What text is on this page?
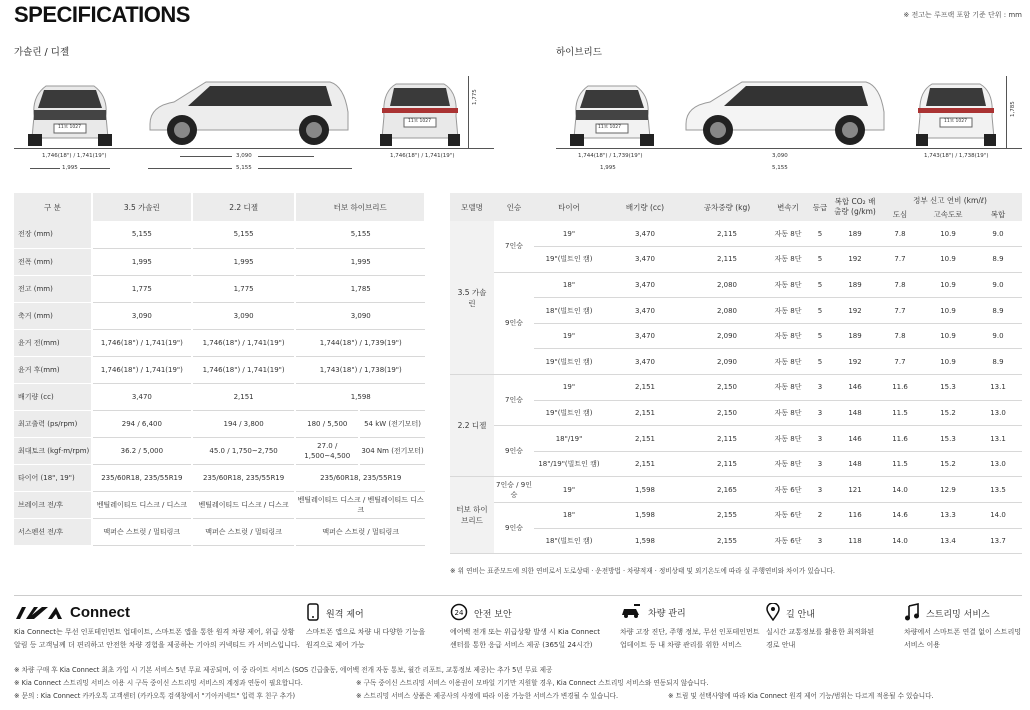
SPECIFICATIONS	※ 전고는 루프랙 포함 기준 단위 : mm
가솔린 / 디젤	하이브리드
11보 1027
11보 1027
1,775
1,746(18") / 1,741(19")
1,995
3,090
5,155
1,746(18") / 1,741(19")
11보 1027
11보 1027
1,785
1,744(18") / 1,739(19")
1,995
3,090
5,155
1,743(18") / 1,738(19")
구 분	3.5 가솔린	2.2 디젤	터보 하이브리드	
전장 (mm)	5,155	5,155	5,155	
전폭 (mm)	1,995	1,995	1,995	
전고 (mm)	1,775	1,775	1,785	
축거 (mm)	3,090	3,090	3,090	
윤거 전(mm)	1,746(18") / 1,741(19")	1,746(18") / 1,741(19")	1,744(18") / 1,739(19")	
윤거 후(mm)	1,746(18") / 1,741(19")	1,746(18") / 1,741(19")	1,743(18") / 1,738(19")	
배기량 (cc)	3,470	2,151	1,598	
최고출력 (ps/rpm)	294 / 6,400	194 / 3,800	180 / 5,500	54 kW (전기모터)
최대토크 (kgf·m/rpm)	36.2 / 5,000	45.0 / 1,750~2,750	27.0 / 1,500~4,500	304 Nm (전기모터)
타이어 (18", 19")	235/60R18, 235/55R19	235/60R18, 235/55R19	235/60R18, 235/55R19	
브레이크 전/후	벤틸레이티드 디스크 / 디스크	벤틸레이티드 디스크 / 디스크	벤틸레이티드 디스크 / 벤틸레이티드 디스크	
서스펜션 전/후	맥퍼슨 스트럿 / 멀티링크	맥퍼슨 스트럿 / 멀티링크	맥퍼슨 스트럿 / 멀티링크	
모델명	인승	타이어	배기량 (cc)	공차중량 (kg)	변속기	등급	복합 CO₂ 배출량 (g/km)	정부 신고 연비 (km/ℓ)		
								도심	고속도로	복합
3.5 가솔린	7인승	19"	3,470	2,115	자동 8단	5	189	7.8	10.9	9.0
		19"(빌트인 캠)	3,470	2,115	자동 8단	5	192	7.7	10.9	8.9
	9인승	18"	3,470	2,080	자동 8단	5	189	7.8	10.9	9.0
		18"(빌트인 캠)	3,470	2,080	자동 8단	5	192	7.7	10.9	8.9
		19"	3,470	2,090	자동 8단	5	189	7.8	10.9	9.0
		19"(빌트인 캠)	3,470	2,090	자동 8단	5	192	7.7	10.9	8.9
2.2 디젤	7인승	19"	2,151	2,150	자동 8단	3	146	11.6	15.3	13.1
		19"(빌트인 캠)	2,151	2,150	자동 8단	3	148	11.5	15.2	13.0
	9인승	18"/19"	2,151	2,115	자동 8단	3	146	11.6	15.3	13.1
		18"/19"(빌트인 캠)	2,151	2,115	자동 8단	3	148	11.5	15.2	13.0
터보 하이브리드	7인승 / 9인승	19"	1,598	2,165	자동 6단	3	121	14.0	12.9	13.5
	9인승	18"	1,598	2,155	자동 6단	2	116	14.6	13.3	14.0
		18"(빌트인 캠)	1,598	2,155	자동 6단	3	118	14.0	13.4	13.7
※ 위 연비는 표준모드에 의한 연비로서 도로상태 · 운전방법 · 차량적재 · 정비상태 및 외기온도에 따라 실 주행연비와 차이가 있습니다.
Connect
Kia Connect는 무선 인포테인먼트 업데이트, 스마트폰 앱을 통한 원격 차량 제어, 위급 상황
알림 등 고객님께 더 편리하고 안전한 차량 경험을 제공하는 기아의 커넥티드 카 서비스입니다.
원격 제어
스마트폰 앱으로 차량 내 다양한 기능을
원격으로 제어 가능
24 안전 보안
에어백 전개 또는 위급상황 발생 시 Kia Connect
센터를 통한 응급 서비스 제공 (365일 24시간)
차량 관리
차량 고장 진단, 주행 정보, 무선 인포테인먼트
업데이트 등 내 차량 관리를 위한 서비스
길 안내
실시간 교통정보를 활용한 최적화된
경로 안내
스트리밍 서비스
차량에서 스마트폰 연결 없이 스트리밍
서비스 이용
※ 차량 구매 후 Kia Connect 최초 가입 시 기본 서비스 5년 무료 제공되며, 이 중 라이트 서비스 (SOS 긴급출동, 에어백 전개 자동 통보, 월간 리포트, 교통정보 제공)는 추가 5년 무료 제공
※ Kia Connect 스트리밍 서비스 이용 시 구독 중이신 스트리밍 서비스의 계정과 연동이 필요합니다.	※ 구독 중이신 스트리밍 서비스 이용권이 모바일 기기만 지원할 경우, Kia Connect 스트리밍 서비스와 연동되지 않습니다.
※ 문의 : Kia Connect 카카오톡 고객센터 (카카오톡 검색창에서 "기아커넥트" 입력 후 친구 추가)	※ 스트리밍 서비스 상품은 제공사의 사정에 따라 이용 가능한 서비스가 변경될 수 있습니다.	※ 트림 및 선택사양에 따라 Kia Connect 원격 제어 기능/범위는 다르게 적용될 수 있습니다.
